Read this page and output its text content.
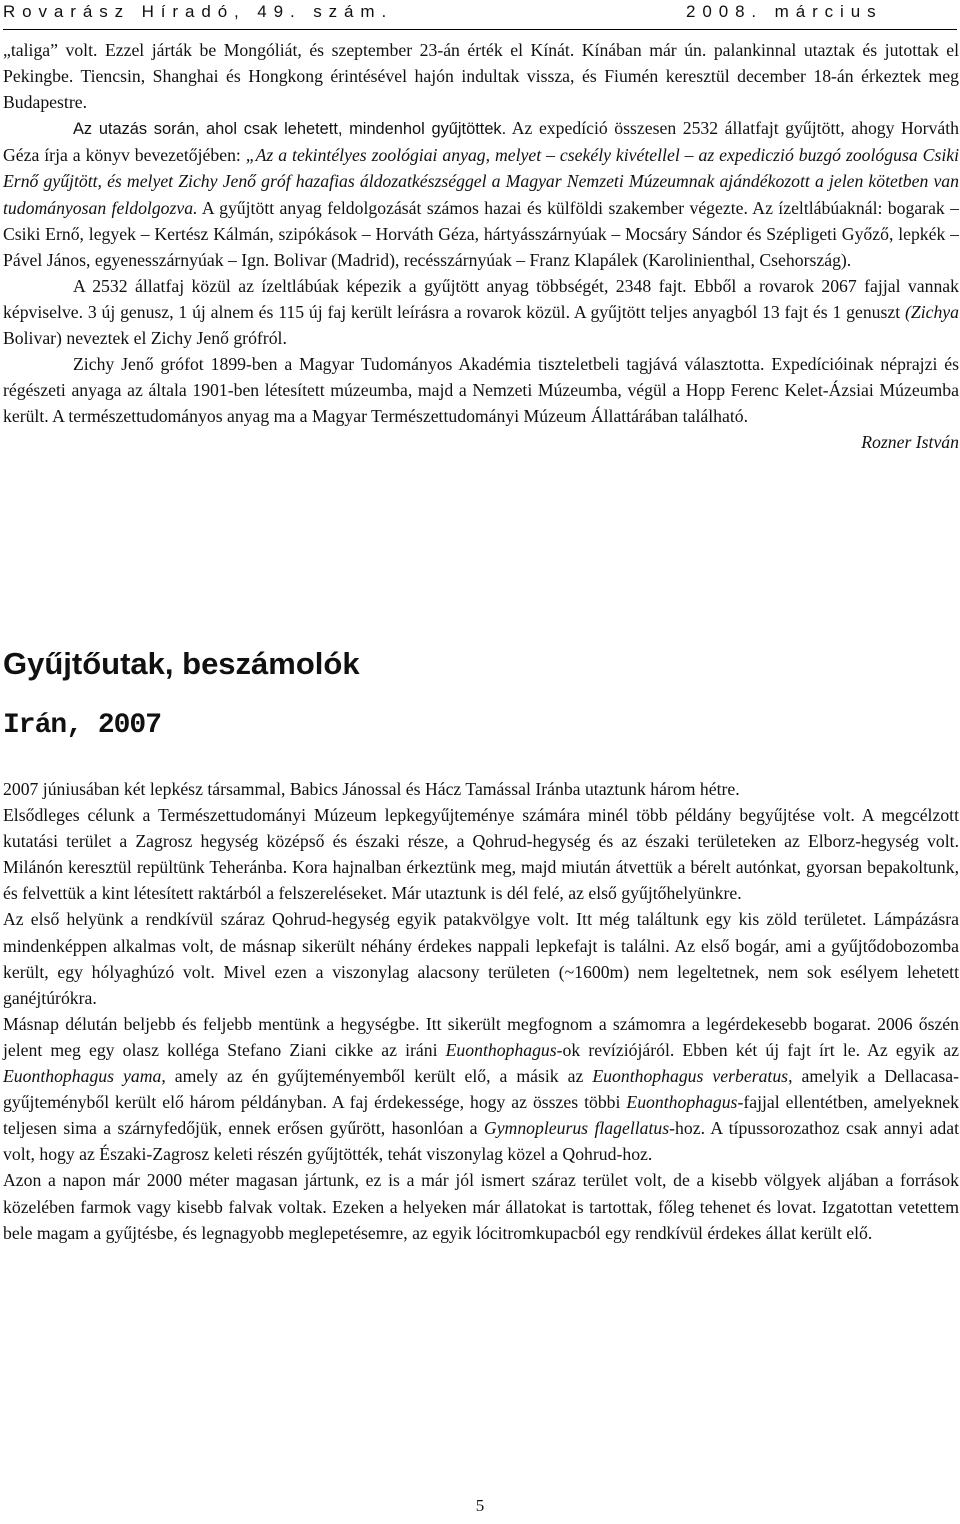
Rovarász Híradó, 49. szám.	2008. március

„taliga” volt. Ezzel járták be Mongóliát, és szeptember 23-án érték el Kínát. Kínában már ún. palankinnal utaztak és jutottak el Pekingbe. Tiencsin, Shanghai és Hongkong érintésével hajón indultak vissza, és Fiumén keresztül december 18-án érkeztek meg Budapestre.

Az utazás során, ahol csak lehetett, mindenhol gyűjtöttek. Az expedíció összesen 2532 állatfajt gyűjtött, ahogy Horváth Géza írja a könyv bevezetőjében: „Az a tekintélyes zoológiai anyag, melyet – csekély kivétellel – az expediczió buzgó zoológusa Csiki Ernő gyűjtött, és melyet Zichy Jenő gróf hazafias áldozatkészséggel a Magyar Nemzeti Múzeumnak ajándékozott a jelen kötetben van tudományosan feldolgozva. A gyűjtött anyag feldolgozását számos hazai és külföldi szakember végezte. Az ízeltlábúaknál: bogarak – Csiki Ernő, legyek – Kertész Kálmán, szipókások – Horváth Géza, hártyásszárnyúak – Mocsáry Sándor és Szépligeti Győző, lepkék – Pável János, egyenesszárnyúak – Ign. Bolivar (Madrid), recésszárnyúak – Franz Klapálek (Karolinienthal, Csehország).

A 2532 állatfaj közül az ízeltlábúak képezik a gyűjtött anyag többségét, 2348 fajt. Ebből a rovarok 2067 fajjal vannak képviselve. 3 új genusz, 1 új alnem és 115 új faj került leírásra a rovarok közül. A gyűjtött teljes anyagból 13 fajt és 1 genuszt (Zichya Bolivar) neveztek el Zichy Jenő grófról.

Zichy Jenő grófot 1899-ben a Magyar Tudományos Akadémia tiszteletbeli tagjává választotta. Expedícióinak néprajzi és régészeti anyaga az általa 1901-ben létesített múzeumba, majd a Nemzeti Múzeumba, végül a Hopp Ferenc Kelet-Ázsiai Múzeumba került. A természettudományos anyag ma a Magyar Természettudományi Múzeum Állattárában található.

Rozner István
Gyűjtőutak, beszámolók
Irán, 2007

2007 júniusában két lepkész társammal, Babics Jánossal és Hácz Tamással Iránba utaztunk három hétre.

Elsődleges célunk a Természettudományi Múzeum lepkegyűjteménye számára minél több példány begyűjtése volt. A megcélzott kutatási terület a Zagrosz hegység középső és északi része, a Qohrud-hegység és az északi területeken az Elborz-hegység volt. Milánón keresztül repültünk Teheránba. Kora hajnalban érkeztünk meg, majd miután átvettük a bérelt autónkat, gyorsan bepakoltunk, és felvettük a kint létesített raktárból a felszereléseket. Már utaztunk is dél felé, az első gyűjtőhelyünkre.

Az első helyünk a rendkívül száraz Qohrud-hegység egyik patakvölgye volt. Itt még találtunk egy kis zöld területet. Lámpázásra mindenképpen alkalmas volt, de másnap sikerült néhány érdekes nappali lepkefajt is találni. Az első bogár, ami a gyűjtődobozomba került, egy hólyaghúzó volt. Mivel ezen a viszonylag alacsony területen (~1600m) nem legeltetnek, nem sok esélyem lehetett ganéjtúrókra.

Másnap délután beljebb és feljebb mentünk a hegységbe. Itt sikerült megfognom a számomra a legérdekesebb bogarat. 2006 őszén jelent meg egy olasz kolléga Stefano Ziani cikke az iráni Euonthophagus-ok revíziójáról. Ebben két új fajt írt le. Az egyik az Euonthophagus yama, amely az én gyűjteményemből került elő, a másik az Euonthophagus verberatus, amelyik a Dellacasa-gyűjteményből került elő három példányban. A faj érdekessége, hogy az összes többi Euonthophagus-fajjal ellentétben, amelyeknek teljesen sima a szárnyfedőjük, ennek erősen gyűrött, hasonlóan a Gymnopleurus flagellatus-hoz. A típussorozathoz csak annyi adat volt, hogy az Északi-Zagrosz keleti részén gyűjtötték, tehát viszonylag közel a Qohrud-hoz.

Azon a napon már 2000 méter magasan jártunk, ez is a már jól ismert száraz terület volt, de a kisebb völgyek aljában a források közelében farmok vagy kisebb falvak voltak. Ezeken a helyeken már állatokat is tartottak, főleg tehenet és lovat. Izgatottan vetettem bele magam a gyűjtésbe, és legnagyobb meglepetésemre, az egyik lócitromkupacból egy rendkívül érdekes állat került elő.

5
